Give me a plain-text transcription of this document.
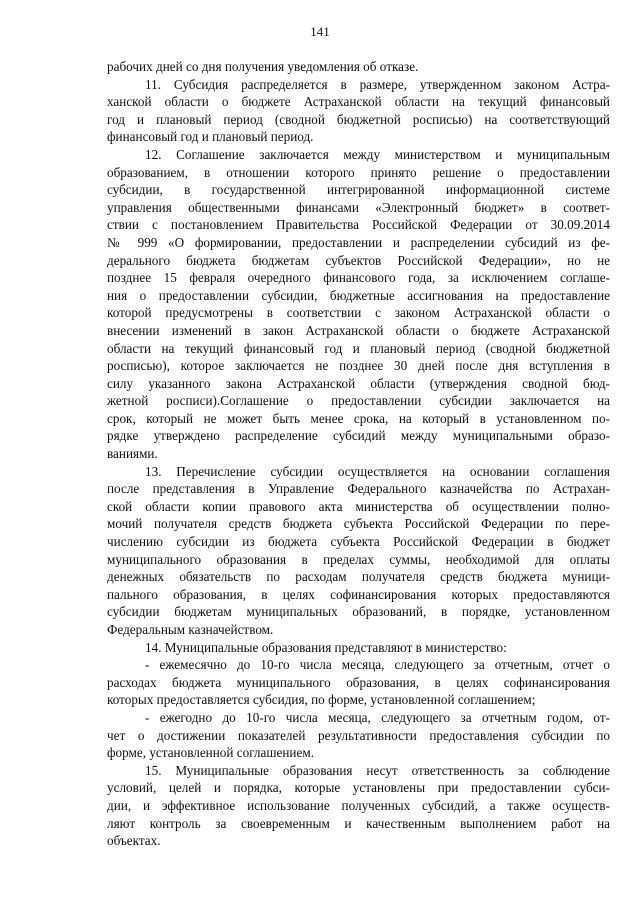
141
рабочих дней со дня получения уведомления об отказе.
11. Субсидия распределяется в размере, утвержденном законом Астра-
ханской области о бюджете Астраханской области на текущий финансовый
год и плановый период (сводной бюджетной росписью) на соответствующий
финансовый год и плановый период.
12. Соглашение заключается между министерством и муниципальным
образованием, в отношении которого принято решение о предоставлении
субсидии, в государственной интегрированной информационной системе
управления общественными финансами «Электронный бюджет» в соответ-
ствии с постановлением Правительства Российской Федерации от 30.09.2014
№ 999 «О формировании, предоставлении и распределении субсидий из фе-
дерального бюджета бюджетам субъектов Российской Федерации», но не
позднее 15 февраля очередного финансового года, за исключением соглаше-
ния о предоставлении субсидии, бюджетные ассигнования на предоставление
которой предусмотрены в соответствии с законом Астраханской области о
внесении изменений в закон Астраханской области о бюджете Астраханской
области на текущий финансовый год и плановый период (сводной бюджетной
росписью), которое заключается не позднее 30 дней после дня вступления в
силу указанного закона Астраханской области (утверждения сводной бюд-
жетной росписи).Соглашение о предоставлении субсидии заключается на
срок, который не может быть менее срока, на который в установленном по-
рядке утверждено распределение субсидий между муниципальными образо-
ваниями.
13. Перечисление субсидии осуществляется на основании соглашения
после представления в Управление Федерального казначейства по Астрахан-
ской области копии правового акта министерства об осуществлении полно-
мочий получателя средств бюджета субъекта Российской Федерации по пере-
числению субсидии из бюджета субъекта Российской Федерации в бюджет
муниципального образования в пределах суммы, необходимой для оплаты
денежных обязательств по расходам получателя средств бюджета муници-
пального образования, в целях софинансирования которых предоставляются
субсидии бюджетам муниципальных образований, в порядке, установленном
Федеральным казначейством.
14. Муниципальные образования представляют в министерство:
- ежемесячно до 10-го числа месяца, следующего за отчетным, отчет о
расходах бюджета муниципального образования, в целях софинансирования
которых предоставляется субсидия, по форме, установленной соглашением;
- ежегодно до 10-го числа месяца, следующего за отчетным годом, от-
чет о достижении показателей результативности предоставления субсидии по
форме, установленной соглашением.
15. Муниципальные образования несут ответственность за соблюдение
условий, целей и порядка, которые установлены при предоставлении субси-
дии, и эффективное использование полученных субсидий, а также осуществ-
ляют контроль за своевременным и качественным выполнением работ на
объектах.
